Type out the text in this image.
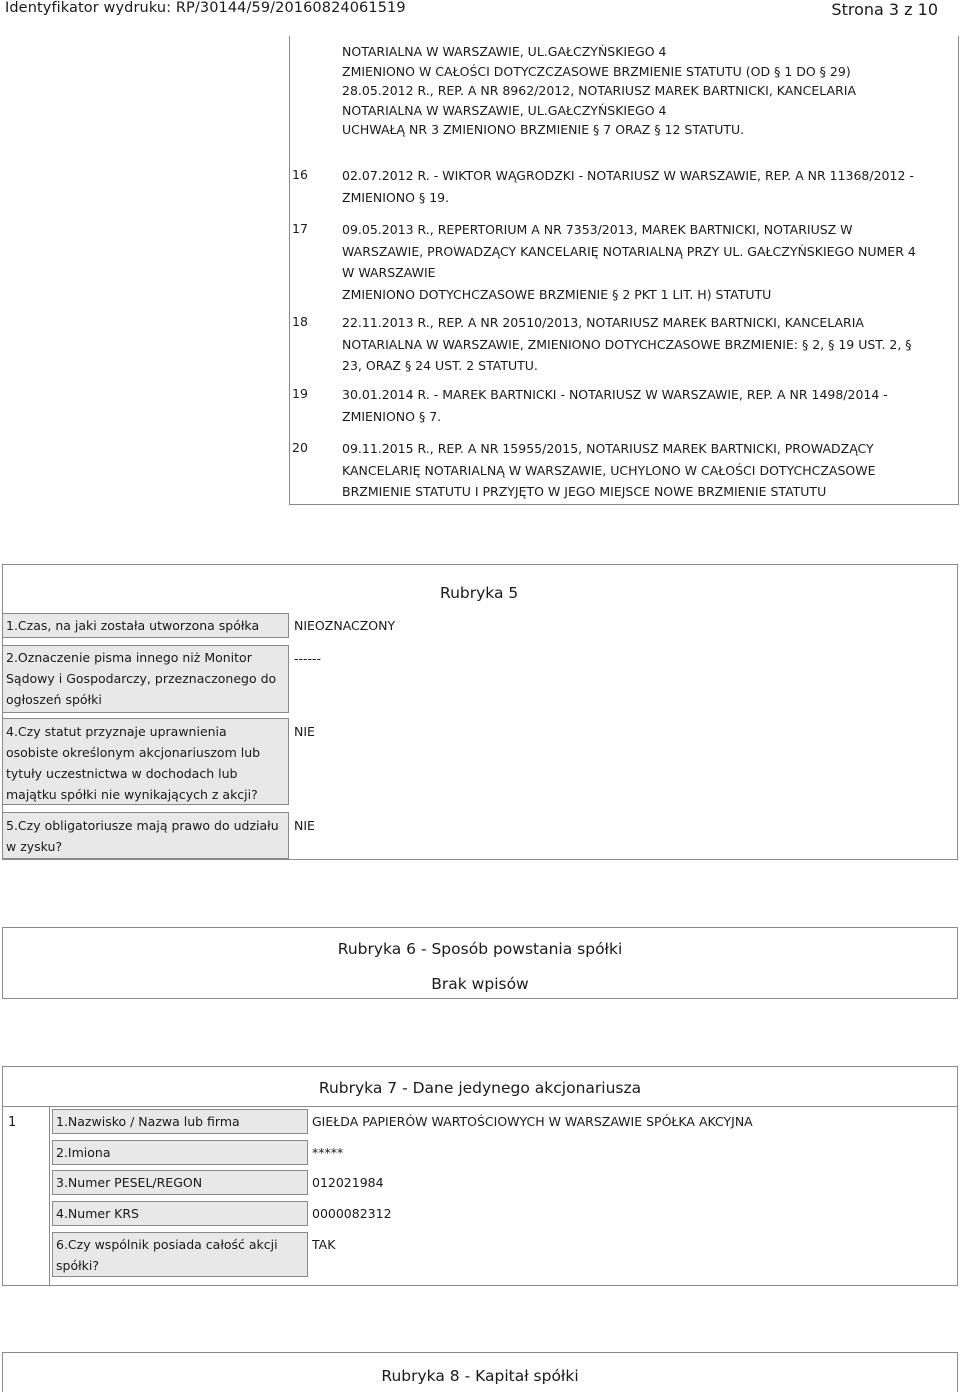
Identyfikator wydruku: RP/30144/59/20160824061519	Strona 3 z 10
NOTARIALNA W WARSZAWIE, UL.GAŁCZYŃSKIEGO 4
ZMIENIONO W CAŁOŚCI DOTYCZCZASOWE BRZMIENIE STATUTU (OD § 1 DO § 29)
28.05.2012 R., REP. A NR 8962/2012, NOTARIUSZ MAREK BARTNICKI, KANCELARIA
NOTARIALNA W WARSZAWIE, UL.GAŁCZYŃSKIEGO 4
UCHWAŁĄ NR 3 ZMIENIONO BRZMIENIE § 7 ORAZ § 12 STATUTU.
16	02.07.2012 R. - WIKTOR WĄGRODZKI - NOTARIUSZ W WARSZAWIE, REP. A NR 11368/2012 -
ZMIENIONO § 19.
17	09.05.2013 R., REPERTORIUM A NR 7353/2013, MAREK BARTNICKI, NOTARIUSZ W
WARSZAWIE, PROWADZĄCY KANCELARIĘ NOTARIALNĄ PRZY UL. GAŁCZYŃSKIEGO NUMER 4
W WARSZAWIE
ZMIENIONO DOTYCHCZASOWE BRZMIENIE § 2 PKT 1 LIT. H) STATUTU
18	22.11.2013 R., REP. A NR 20510/2013, NOTARIUSZ MAREK BARTNICKI, KANCELARIA
NOTARIALNA W WARSZAWIE, ZMIENIONO DOTYCHCZASOWE BRZMIENIE: § 2, § 19 UST. 2, §
23, ORAZ § 24 UST. 2 STATUTU.
19	30.01.2014 R. - MAREK BARTNICKI - NOTARIUSZ W WARSZAWIE, REP. A NR 1498/2014 -
ZMIENIONO § 7.
20	09.11.2015 R., REP. A NR 15955/2015, NOTARIUSZ MAREK BARTNICKI, PROWADZĄCY
KANCELARIĘ NOTARIALNĄ W WARSZAWIE, UCHYLONO W CAŁOŚCI DOTYCHCZASOWE
BRZMIENIE STATUTU I PRZYJĘTO W JEGO MIEJSCE NOWE BRZMIENIE STATUTU
Rubryka 5
1.Czas, na jaki została utworzona spółka	NIEOZNACZONY
2.Oznaczenie pisma innego niż Monitor
Sądowy i Gospodarczy, przeznaczonego do
ogłoszeń spółki
------
4.Czy statut przyznaje uprawnienia
osobiste określonym akcjonariuszom lub
tytuły uczestnictwa w dochodach lub
majątku spółki nie wynikających z akcji?
NIE
5.Czy obligatoriusze mają prawo do udziału
w zysku?
NIE
Rubryka 6 - Sposób powstania spółki
Brak wpisów
Rubryka 7 - Dane jedynego akcjonariusza
1	1.Nazwisko / Nazwa lub firma	GIEŁDA PAPIERÓW WARTOŚCIOWYCH W WARSZAWIE SPÓŁKA AKCYJNA
2.Imiona	*****
3.Numer PESEL/REGON	012021984
4.Numer KRS	0000082312
6.Czy wspólnik posiada całość akcji
spółki?
TAK
Rubryka 8 - Kapitał spółki
